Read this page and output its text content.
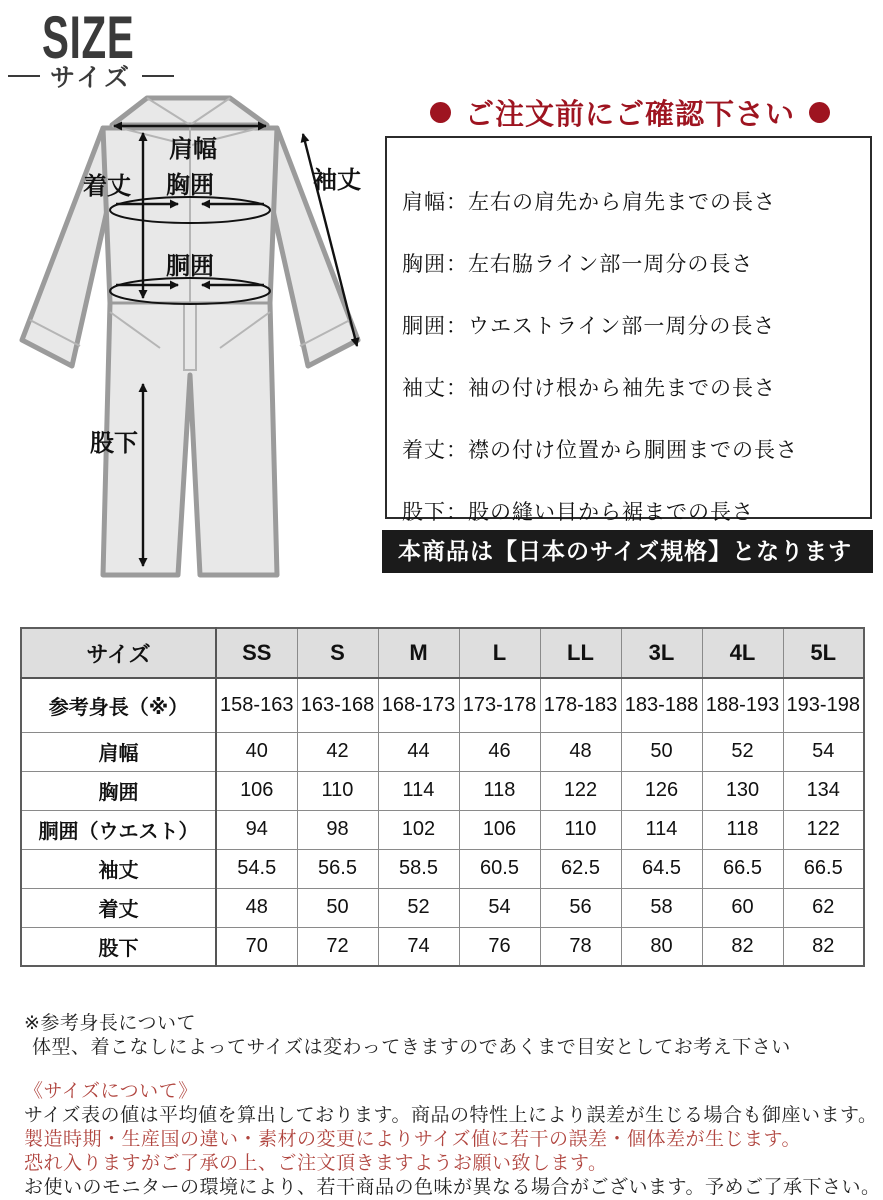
SIZE
サイズ
肩幅
着丈 胸囲
胴囲
袖丈
股下
ご注文前にご確認下さい
肩幅：左右の肩先から肩先までの長さ
胸囲：左右脇ライン部一周分の長さ
胴囲：ウエストライン部一周分の長さ
袖丈：袖の付け根から袖先までの長さ
着丈：襟の付け位置から胴囲までの長さ
股下：股の縫い目から裾までの長さ
本商品は【日本のサイズ規格】となります
サイズ	SS	S	M	L	LL	3L	4L	5L
参考身長（※）	158-163	163-168	168-173	173-178	178-183	183-188	188-193	193-198
肩幅	40	42	44	46	48	50	52	54
胸囲	106	110	114	118	122	126	130	134
胴囲（ウエスト）	94	98	102	106	110	114	118	122
袖丈	54.5	56.5	58.5	60.5	62.5	64.5	66.5	66.5
着丈	48	50	52	54	56	58	60	62
股下	70	72	74	76	78	80	82	82
※参考身長について
体型、着こなしによってサイズは変わってきますのであくまで目安としてお考え下さい
《サイズについて》
サイズ表の値は平均値を算出しております。商品の特性上により誤差が生じる場合も御座います。
製造時期・生産国の違い・素材の変更によりサイズ値に若干の誤差・個体差が生じます。
恐れ入りますがご了承の上、ご注文頂きますようお願い致します。
お使いのモニターの環境により、若干商品の色味が異なる場合がございます。予めご了承下さい。
